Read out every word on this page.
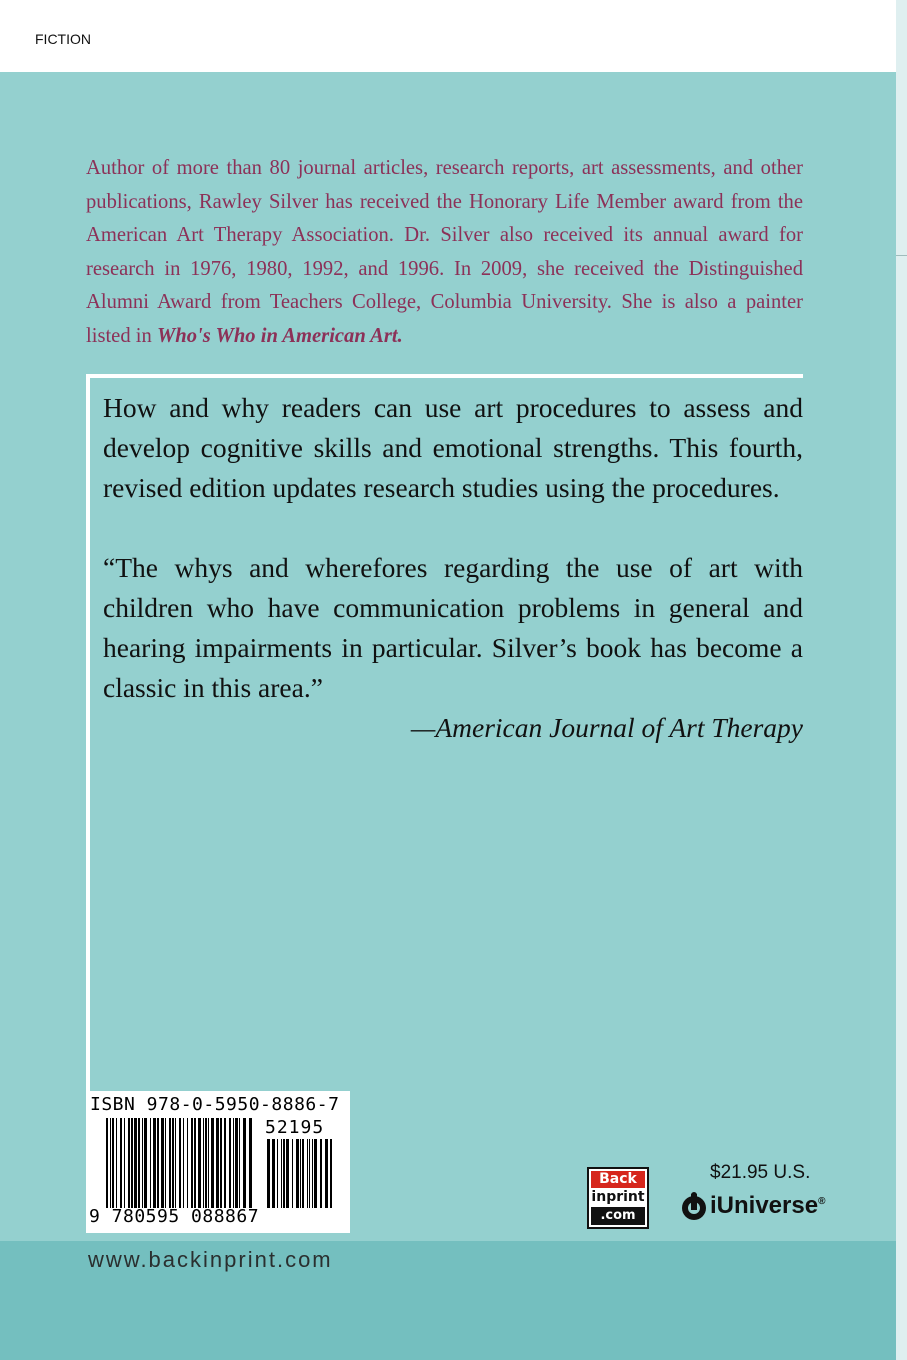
FICTION
Author of more than 80 journal articles, research reports, art assessments, and other publications, Rawley Silver has received the Honorary Life Member award from the American Art Therapy Association. Dr. Silver also received its annual award for research in 1976, 1980, 1992, and 1996. In 2009, she received the Distinguished Alumni Award from Teachers College, Columbia University. She is also a painter listed in Who's Who in American Art.
How and why readers can use art procedures to assess and develop cognitive skills and emotional strengths. This fourth, revised edition updates research studies using the procedures.
“The whys and wherefores regarding the use of art with children who have communication problems in general and hearing impairments in particular. Silver’s book has become a classic in this area.”
—American Journal of Art Therapy
ISBN 978-0-5950-8886-7
52195
9 780595 088867
www.backinprint.com
Back
inprint
.com
$21.95 U.S.
iUniverse®
